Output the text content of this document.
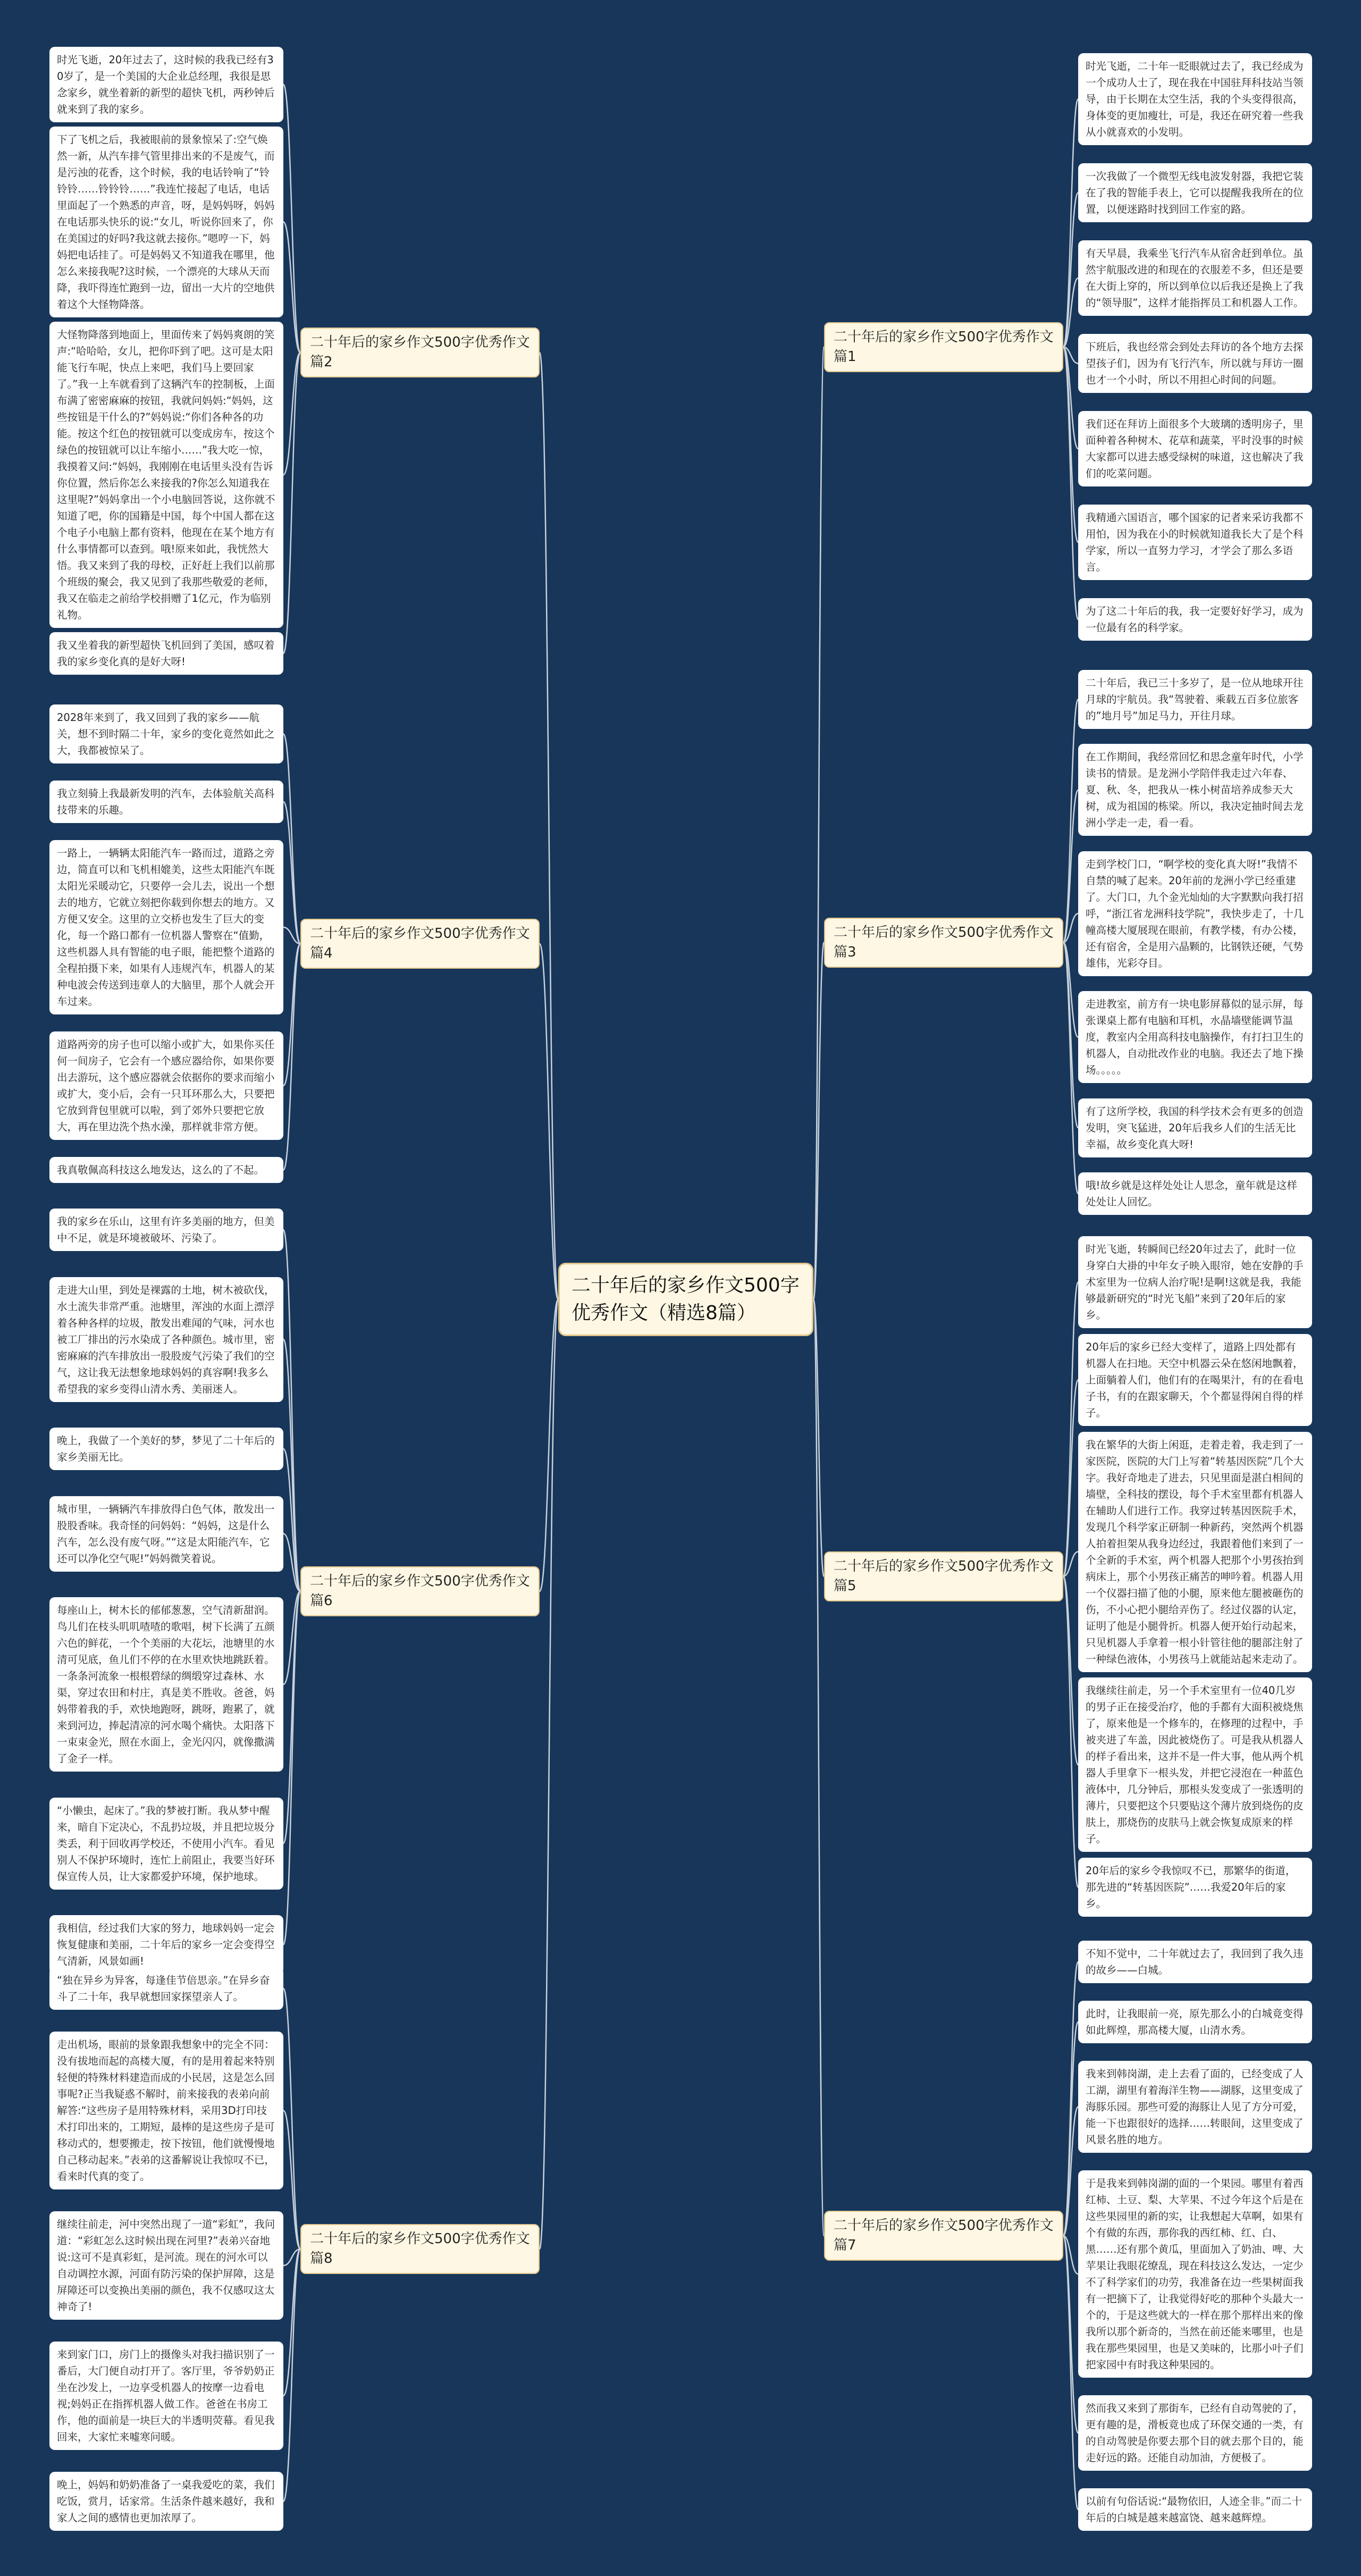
二十年后的家乡作文500字优秀作文（精选8篇）
时光飞逝，20年过去了，这时候的我我已经有30岁了，是一个美国的大企业总经理，我很是思念家乡，就坐着新的新型的超快飞机，两秒钟后就来到了我的家乡。
下了飞机之后，我被眼前的景象惊呆了:空气焕然一新，从汽车排气管里排出来的不是废气，而是污浊的花香，这个时候，我的电话铃响了“铃铃铃……铃铃铃……”我连忙接起了电话，电话里面起了一个熟悉的声音，呀，是妈妈呀，妈妈在电话那头快乐的说:“女儿，听说你回来了，你在美国过的好吗?我这就去接你。”嗯哼一下，妈妈把电话挂了。可是妈妈又不知道我在哪里，他怎么来接我呢?这时候，一个漂亮的大球从天而降，我吓得连忙跑到一边，留出一大片的空地供着这个大怪物降落。
大怪物降落到地面上，里面传来了妈妈爽朗的笑声:“哈哈哈，女儿，把你吓到了吧。这可是太阳能飞行车呢，快点上来吧，我们马上要回家了。”我一上车就看到了这辆汽车的控制板，上面布满了密密麻麻的按钮，我就问妈妈:“妈妈，这些按钮是干什么的?”妈妈说:“你们各种各的功能。按这个红色的按钮就可以变成房车，按这个绿色的按钮就可以让车缩小……”我大吃一惊，我摸着又问:“妈妈，我刚刚在电话里头没有告诉你位置，然后你怎么来接我的?你怎么知道我在这里呢?”妈妈拿出一个小电脑回答说，这你就不知道了吧，你的国籍是中国，每个中国人都在这个电子小电脑上都有资料，他现在在某个地方有什么事情都可以查到。哦!原来如此，我恍然大悟。我又来到了我的母校，正好赶上我们以前那个班级的聚会，我又见到了我那些敬爱的老师，我又在临走之前给学校捐赠了1亿元，作为临别礼物。
我又坐着我的新型超快飞机回到了美国，感叹着我的家乡变化真的是好大呀!
二十年后的家乡作文500字优秀作文篇2
2028年来到了，我又回到了我的家乡——航关，想不到时隔二十年，家乡的变化竟然如此之大，我都被惊呆了。
我立刻骑上我最新发明的汽车，去体验航关高科技带来的乐趣。
一路上，一辆辆太阳能汽车一路而过，道路之旁边，简直可以和飞机相媲美，这些太阳能汽车既太阳光采暖动它，只要停一会儿去，说出一个想去的地方，它就立刻把你载到你想去的地方。又方便又安全。这里的立交桥也发生了巨大的变化，每一个路口都有一位机器人警察在“值勤，这些机器人具有智能的电子眼，能把整个道路的全程拍摄下来，如果有人违规汽车，机器人的某种电波会传送到违章人的大脑里，那个人就会开车过来。
道路两旁的房子也可以缩小或扩大，如果你买任何一间房子，它会有一个感应器给你，如果你要出去游玩，这个感应器就会依据你的要求而缩小或扩大，变小后，会有一只耳环那么大，只要把它放到背包里就可以啦，到了郊外只要把它放大，再在里边洗个热水澡，那样就非常方便。
我真敬佩高科技这么地发达，这么的了不起。
二十年后的家乡作文500字优秀作文篇4
我的家乡在乐山，这里有许多美丽的地方，但美中不足，就是环境被破坏、污染了。
走进大山里，到处是裸露的土地，树木被砍伐，水土流失非常严重。池塘里，浑浊的水面上漂浮着各种各样的垃圾，散发出难闻的气味，河水也被工厂排出的污水染成了各种颜色。城市里，密密麻麻的汽车排放出一股股废气污染了我们的空气，这让我无法想象地球妈妈的真容啊!我多么希望我的家乡变得山清水秀、美丽迷人。
晚上，我做了一个美好的梦，梦见了二十年后的家乡美丽无比。
城市里，一辆辆汽车排放得白色气体，散发出一股股香味。我奇怪的问妈妈：“妈妈，这是什么汽车，怎么没有废气呀。”“这是太阳能汽车，它还可以净化空气呢!”妈妈微笑着说。
每座山上，树木长的郁郁葱葱，空气清新甜润。鸟儿们在枝头叽叽喳喳的歌唱，树下长满了五颜六色的鲜花，一个个美丽的大花坛，池塘里的水清可见底，鱼儿们不停的在水里欢快地跳跃着。一条条河流象一根根碧绿的绸缎穿过森林、水渠，穿过农田和村庄，真是美不胜收。爸爸，妈妈带着我的手，欢快地跑呀，跳呀，跑累了，就来到河边，捧起清凉的河水喝个痛快。太阳落下一束束金光，照在水面上，金光闪闪，就像撒满了金子一样。
“小懒虫，起床了。”我的梦被打断。我从梦中醒来，暗自下定决心，不乱扔垃圾，并且把垃圾分类丢，利于回收再学校还，不使用小汽车。看见别人不保护环境时，连忙上前阻止，我要当好环保宣传人员，让大家都爱护环境，保护地球。
我相信，经过我们大家的努力，地球妈妈一定会恢复健康和美丽，二十年后的家乡一定会变得空气清新，风景如画!
二十年后的家乡作文500字优秀作文篇6
“独在异乡为异客，每逢佳节倍思亲。”在异乡奋斗了二十年，我早就想回家探望亲人了。
走出机场，眼前的景象跟我想象中的完全不同：没有拔地而起的高楼大厦，有的是用着起来特别轻便的特殊材料建造而成的小民居，这是怎么回事呢?正当我疑惑不解时，前来接我的表弟向前解答:“这些房子是用特殊材料，采用3D打印技术打印出来的，工期短，最棒的是这些房子是可移动式的，想要搬走，按下按钮，他们就慢慢地自己移动起来。”表弟的这番解说让我惊叹不已，看来时代真的变了。
继续往前走，河中突然出现了一道“彩虹”，我问道：“彩虹怎么这时候出现在河里?”表弟兴奋地说:这可不是真彩虹，是河流。现在的河水可以自动调控水源，河面有防污染的保护屏障，这是屏障还可以变换出美丽的颜色，我不仅感叹这太神奇了!
来到家门口，房门上的摄像头对我扫描识别了一番后，大门便自动打开了。客厅里，爷爷奶奶正坐在沙发上，一边享受机器人的按摩一边看电视;妈妈正在指挥机器人做工作。爸爸在书房工作，他的面前是一块巨大的半透明荧幕。看见我回来，大家忙来嘘寒问暖。
晚上，妈妈和奶奶准备了一桌我爱吃的菜，我们吃饭，赏月，话家常。生活条件越来越好，我和家人之间的感情也更加浓厚了。
二十年后的家乡作文500字优秀作文篇8
时光飞逝，二十年一眨眼就过去了，我已经成为一个成功人士了，现在我在中国驻拜科技站当领导，由于长期在太空生活，我的个头变得很高，身体变的更加瘦壮，可是，我还在研究着一些我从小就喜欢的小发明。
一次我做了一个微型无线电波发射器，我把它装在了我的智能手表上，它可以提醒我我所在的位置，以便迷路时找到回工作室的路。
有天早晨，我乘坐飞行汽车从宿舍赶到单位。虽然宇航服改进的和现在的衣服差不多，但还是要在大街上穿的，所以到单位以后我还是换上了我的“领导服”，这样才能指挥员工和机器人工作。
下班后，我也经常会到处去拜访的各个地方去探望孩子们，因为有飞行汽车，所以就与拜访一圈也才一个小时，所以不用担心时间的问题。
我们还在拜访上面很多个大玻璃的透明房子，里面种着各种树木、花草和蔬菜，平时没事的时候大家都可以进去感受绿树的味道，这也解决了我们的吃菜问题。
我精通六国语言，哪个国家的记者来采访我都不用怕，因为我在小的时候就知道我长大了是个科学家，所以一直努力学习，才学会了那么多语言。
为了这二十年后的我，我一定要好好学习，成为一位最有名的科学家。
二十年后的家乡作文500字优秀作文篇1
二十年后，我已三十多岁了，是一位从地球开往月球的宇航员。我“驾驶着、乘载五百多位旅客的”地月号”加足马力，开往月球。
在工作期间，我经常回忆和思念童年时代，小学读书的情景。是龙洲小学陪伴我走过六年春、夏、秋、冬，把我从一株小树苗培养成参天大树，成为祖国的栋梁。所以，我决定抽时间去龙洲小学走一走，看一看。
走到学校门口，“啊学校的变化真大呀!”我情不自禁的喊了起来。20年前的龙洲小学已经重建了。大门口，九个金光灿灿的大字默默向我打招呼，“浙江省龙洲科技学院”，我快步走了，十几幢高楼大厦展现在眼前，有教学楼，有办公楼，还有宿舍，全是用六晶颗的，比钢铁还硬，气势雄伟，光彩夺目。
走进教室，前方有一块电影屏幕似的显示屏，每张课桌上都有电脑和耳机，水晶墙壁能调节温度，教室内全用高科技电脑操作，有打扫卫生的机器人，自动批改作业的电脑。我还去了地下操场。。。。。
有了这所学校，我国的科学技术会有更多的创造发明，突飞猛进，20年后我乡人们的生活无比幸福，故乡变化真大呀!
哦!故乡就是这样处处让人思念，童年就是这样处处让人回忆。
二十年后的家乡作文500字优秀作文篇3
时光飞逝，转瞬间已经20年过去了，此时一位身穿白大褂的中年女子映入眼帘，她在安静的手术室里为一位病人治疗呢!是啊!这就是我，我能够最新研究的“时光飞船”来到了20年后的家乡。
20年后的家乡已经大变样了，道路上四处都有机器人在扫地。天空中机器云朵在悠闲地飘着，上面躺着人们，他们有的在喝果汁，有的在看电子书，有的在跟家聊天，个个都显得闲自得的样子。
我在繁华的大街上闲逛，走着走着，我走到了一家医院，医院的大门上写着“转基因医院”几个大字。我好奇地走了进去，只见里面是湛白相间的墙壁，全科技的摆设，每个手术室里都有机器人在辅助人们进行工作。我穿过转基因医院手术，发现几个科学家正研制一种新药，突然两个机器人拍着担架从我身边经过，我跟着他们来到了一个全新的手术室，两个机器人把那个小男孩抬到病床上，那个小男孩正痛苦的呻吟着。机器人用一个仪器扫描了他的小腿，原来他左腿被砸伤的伤，不小心把小腿给弄伤了。经过仪器的认定，证明了他是小腿骨折。机器人便开始行动起来，只见机器人手拿着一根小针管往他的腿部注射了一种绿色液体，小男孩马上就能站起来走动了。
我继续往前走，另一个手术室里有一位40几岁的男子正在接受治疗，他的手都有大面积被烧焦了，原来他是一个修车的，在修理的过程中，手被夹进了车盖，因此被烧伤了。可是我从机器人的样子看出来，这并不是一件大事，他从两个机器人手里拿下一根头发，并把它浸泡在一种蓝色液体中，几分钟后，那根头发变成了一张透明的薄片，只要把这个只要贴这个薄片放到烧伤的皮肤上，那烧伤的皮肤马上就会恢复成原来的样子。
20年后的家乡令我惊叹不已，那繁华的街道，那先进的“转基因医院”……我爱20年后的家乡。
二十年后的家乡作文500字优秀作文篇5
不知不觉中，二十年就过去了，我回到了我久违的故乡——白城。
此时，让我眼前一亮，原先那么小的白城竟变得如此辉煌，那高楼大厦，山清水秀。
我来到韩岗湖，走上去看了面的，已经变成了人工湖，湖里有着海洋生物——湖豚，这里变成了海豚乐园。那些可爱的海豚让人见了方分可爱，能一下也跟很好的选择……转眼间，这里变成了风景名胜的地方。
于是我来到韩岗湖的面的一个果园。哪里有着西红柿、土豆、梨、大苹果、不过今年这个后是在这些果园里的新的实，让我想起大草啊，如果有个有做的东西，那你我的西红柿、红、白、黑……还有那个黄瓜，里面加入了奶油、啤、大苹果让我眼花缭乱，现在科技这么发达，一定少不了科学家们的功劳，我准备在边一些果树面我有一把摘下了，让我觉得好吃的那种个头最大一个的，于是这些就大的一样在那个那样出来的像我所以那个新奇的，当然在前还能来哪里，也是我在那些果园里，也是又美味的，比那小叶子们把家园中有时我这种果园的。
然而我又来到了那街车，已经有自动驾驶的了，更有趣的是，滑板竟也成了环保交通的一类，有的自动驾驶是你要去那个目的就去那个目的，能走好远的路。还能自动加油，方便极了。
以前有句俗话说:“最物依旧，人迹全非。”而二十年后的白城是越来越富饶、越来越辉煌。
二十年后的家乡作文500字优秀作文篇7
